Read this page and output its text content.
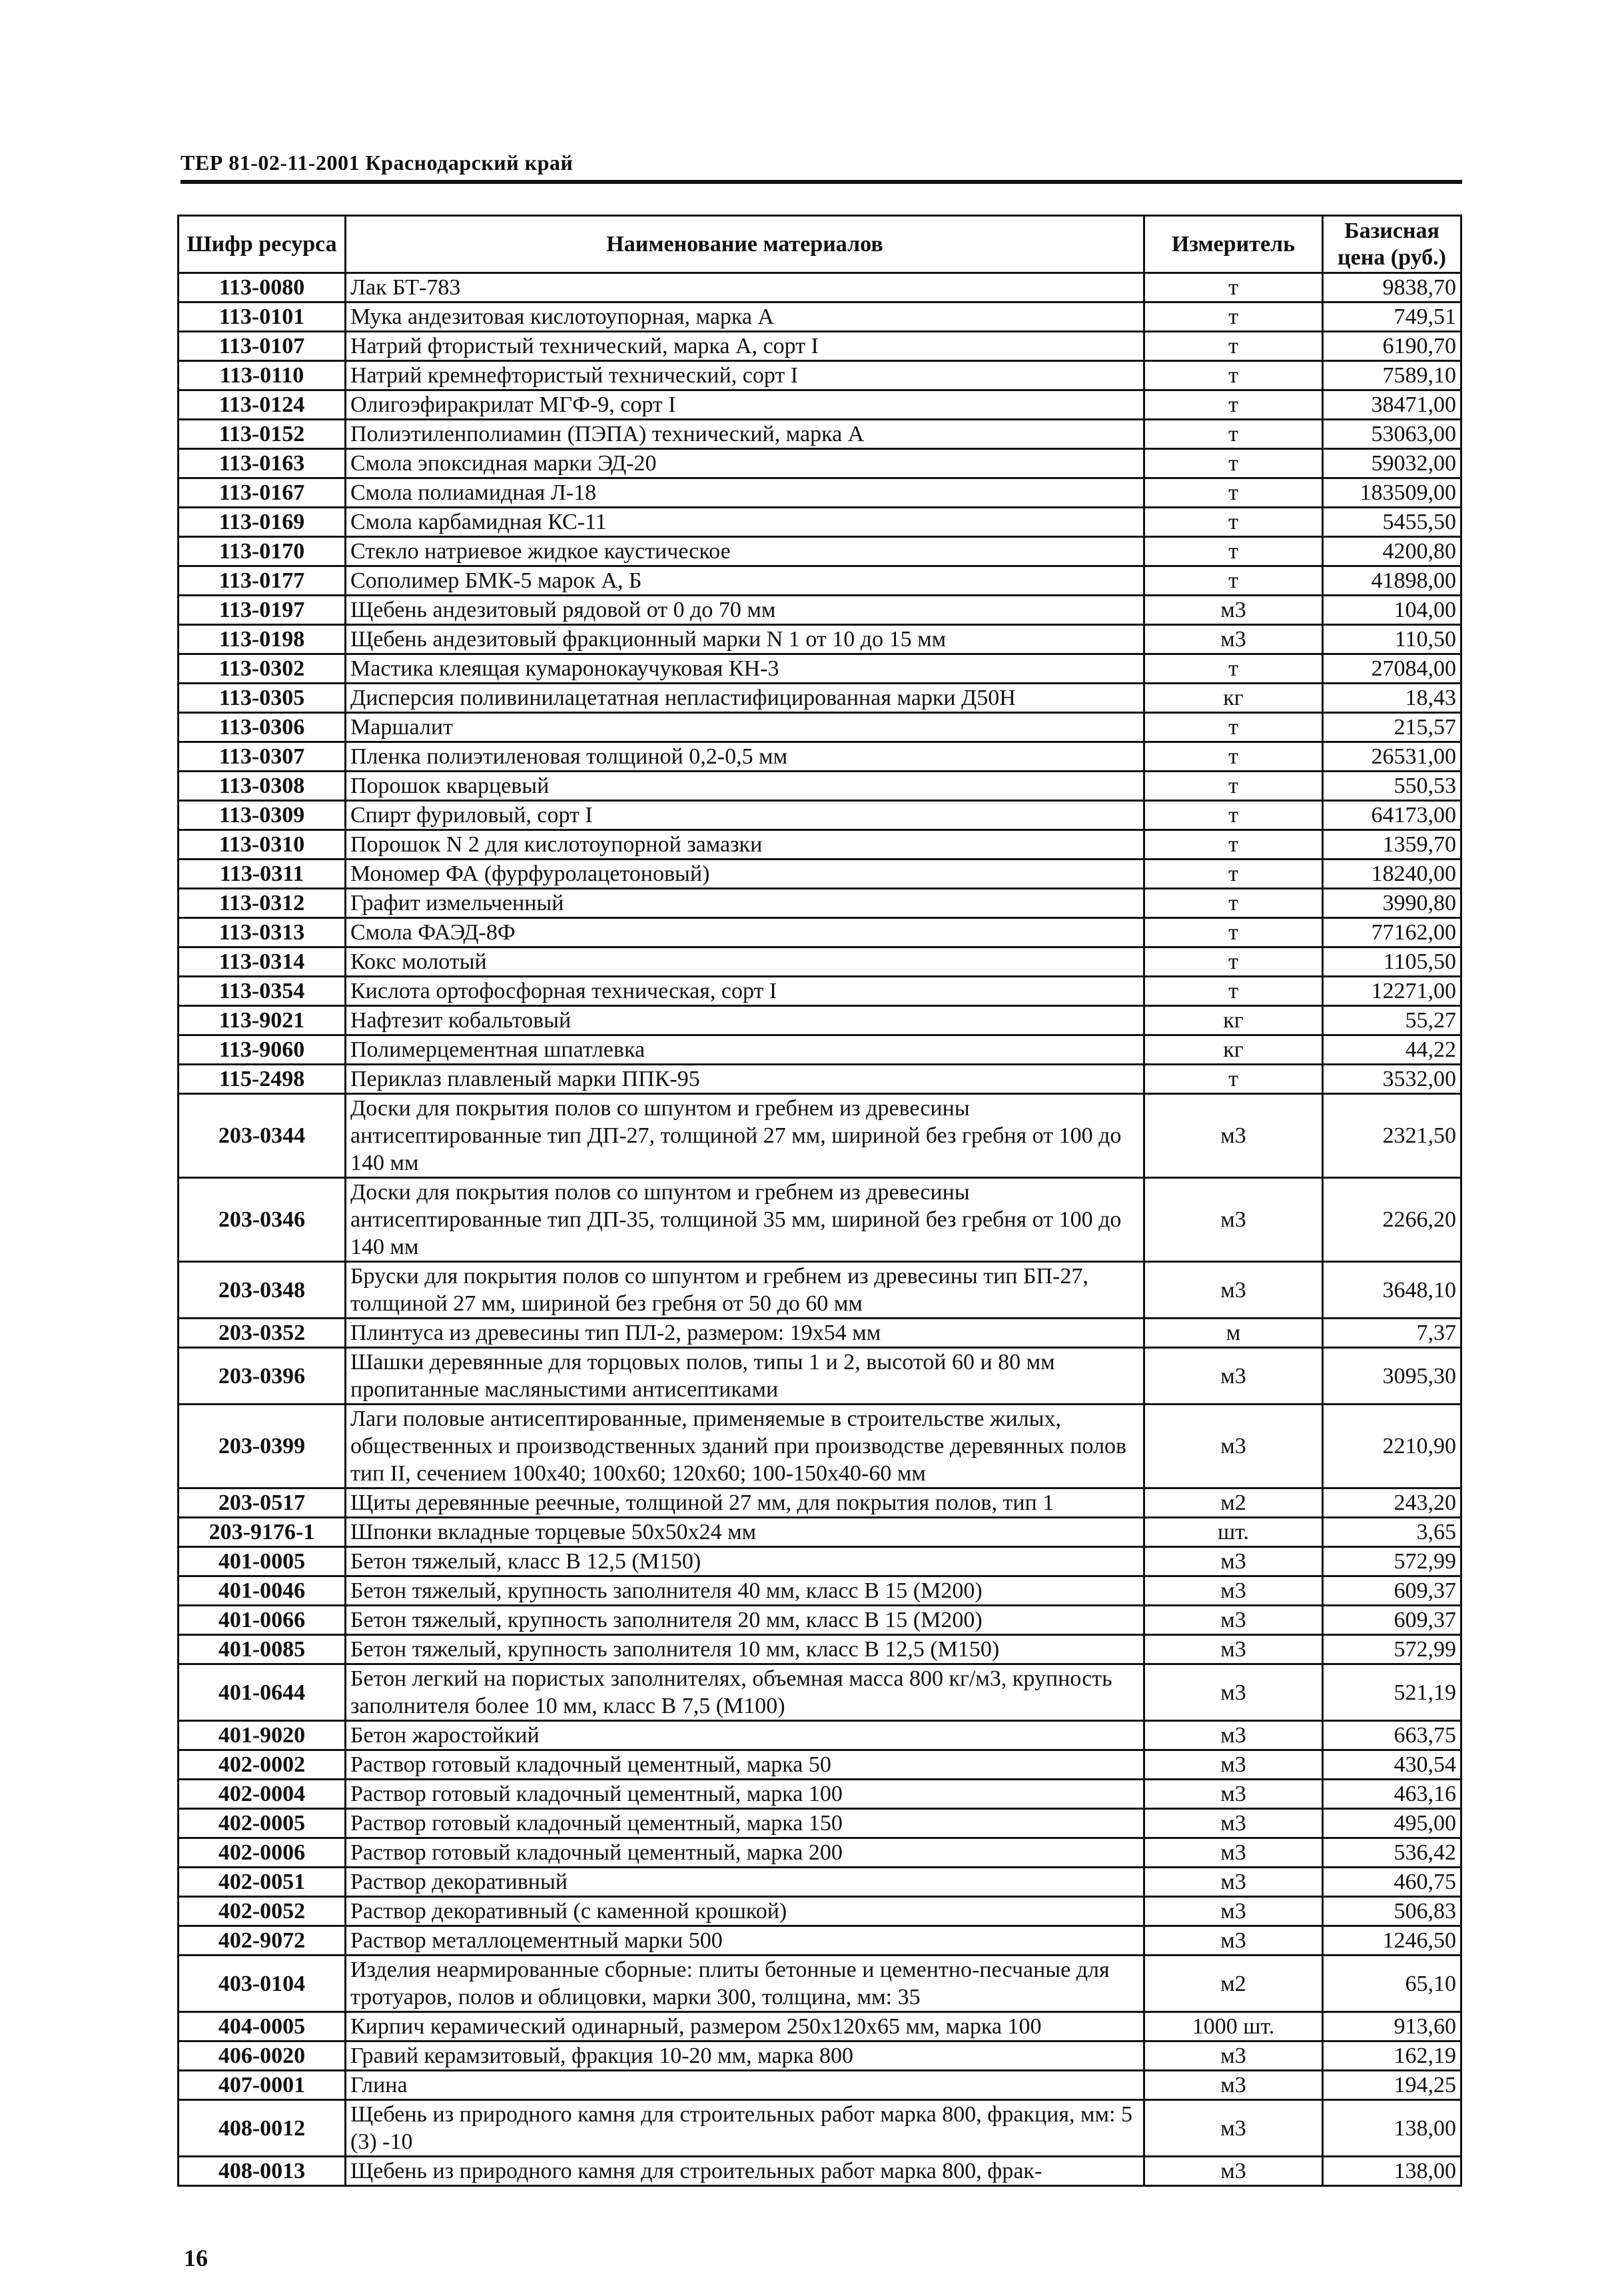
ТЕР 81-02-11-2001 Краснодарский край
Шифр ресурса	Наименование материалов	Измеритель	Базисная цена (руб.)
113-0080	Лак БТ-783	т	9838,70
113-0101	Мука андезитовая кислотоупорная, марка А	т	749,51
113-0107	Натрий фтористый технический, марка А, сорт I	т	6190,70
113-0110	Натрий кремнефтористый технический, сорт I	т	7589,10
113-0124	Олигоэфиракрилат МГФ-9, сорт I	т	38471,00
113-0152	Полиэтиленполиамин (ПЭПА) технический, марка А	т	53063,00
113-0163	Смола эпоксидная марки ЭД-20	т	59032,00
113-0167	Смола полиамидная Л-18	т	183509,00
113-0169	Смола карбамидная КС-11	т	5455,50
113-0170	Стекло натриевое жидкое каустическое	т	4200,80
113-0177	Сополимер БМК-5 марок А, Б	т	41898,00
113-0197	Щебень андезитовый рядовой от 0 до 70 мм	м3	104,00
113-0198	Щебень андезитовый фракционный марки N 1 от 10 до 15 мм	м3	110,50
113-0302	Мастика клеящая кумаронокаучуковая КН-3	т	27084,00
113-0305	Дисперсия поливинилацетатная непластифицированная марки Д50Н	кг	18,43
113-0306	Маршалит	т	215,57
113-0307	Пленка полиэтиленовая толщиной 0,2-0,5 мм	т	26531,00
113-0308	Порошок кварцевый	т	550,53
113-0309	Спирт фуриловый, сорт I	т	64173,00
113-0310	Порошок N 2 для кислотоупорной замазки	т	1359,70
113-0311	Мономер ФА (фурфуролацетоновый)	т	18240,00
113-0312	Графит измельченный	т	3990,80
113-0313	Смола ФАЭД-8Ф	т	77162,00
113-0314	Кокс молотый	т	1105,50
113-0354	Кислота ортофосфорная техническая, сорт I	т	12271,00
113-9021	Нафтезит кобальтовый	кг	55,27
113-9060	Полимерцементная шпатлевка	кг	44,22
115-2498	Периклаз плавленый марки ППК-95	т	3532,00
203-0344	Доски для покрытия полов со шпунтом и гребнем из древесины антисептированные тип ДП-27, толщиной 27 мм, шириной без гребня от 100 до 140 мм	м3	2321,50
203-0346	Доски для покрытия полов со шпунтом и гребнем из древесины антисептированные тип ДП-35, толщиной 35 мм, шириной без гребня от 100 до 140 мм	м3	2266,20
203-0348	Бруски для покрытия полов со шпунтом и гребнем из древесины тип БП-27, толщиной 27 мм, шириной без гребня от 50 до 60 мм	м3	3648,10
203-0352	Плинтуса из древесины тип ПЛ-2, размером: 19x54 мм	м	7,37
203-0396	Шашки деревянные для торцовых полов, типы 1 и 2, высотой 60 и 80 мм пропитанные масляныстими антисептиками	м3	3095,30
203-0399	Лаги половые антисептированные, применяемые в строительстве жилых, общественных и производственных зданий при производстве деревянных полов тип II, сечением 100x40; 100x60; 120x60; 100-150x40-60 мм	м3	2210,90
203-0517	Щиты деревянные реечные, толщиной 27 мм, для покрытия полов, тип 1	м2	243,20
203-9176-1	Шпонки вкладные торцевые 50x50x24 мм	шт.	3,65
401-0005	Бетон тяжелый, класс В 12,5 (М150)	м3	572,99
401-0046	Бетон тяжелый, крупность заполнителя 40 мм, класс В 15 (М200)	м3	609,37
401-0066	Бетон тяжелый, крупность заполнителя 20 мм, класс В 15 (М200)	м3	609,37
401-0085	Бетон тяжелый, крупность заполнителя 10 мм, класс В 12,5 (М150)	м3	572,99
401-0644	Бетон легкий на пористых заполнителях, объемная масса 800 кг/м3, крупность заполнителя более 10 мм, класс В 7,5 (М100)	м3	521,19
401-9020	Бетон жаростойкий	м3	663,75
402-0002	Раствор готовый кладочный цементный, марка 50	м3	430,54
402-0004	Раствор готовый кладочный цементный, марка 100	м3	463,16
402-0005	Раствор готовый кладочный цементный, марка 150	м3	495,00
402-0006	Раствор готовый кладочный цементный, марка 200	м3	536,42
402-0051	Раствор декоративный	м3	460,75
402-0052	Раствор декоративный (с каменной крошкой)	м3	506,83
402-9072	Раствор металлоцементный марки 500	м3	1246,50
403-0104	Изделия неармированные сборные: плиты бетонные и цементно-песчаные для тротуаров, полов и облицовки, марки 300, толщина, мм: 35	м2	65,10
404-0005	Кирпич керамический одинарный, размером 250x120x65 мм, марка 100	1000 шт.	913,60
406-0020	Гравий керамзитовый, фракция 10-20 мм, марка 800	м3	162,19
407-0001	Глина	м3	194,25
408-0012	Щебень из природного камня для строительных работ марка 800, фракция, мм: 5 (3) -10	м3	138,00
408-0013	Щебень из природного камня для строительных работ марка 800, фрак-	м3	138,00
16
